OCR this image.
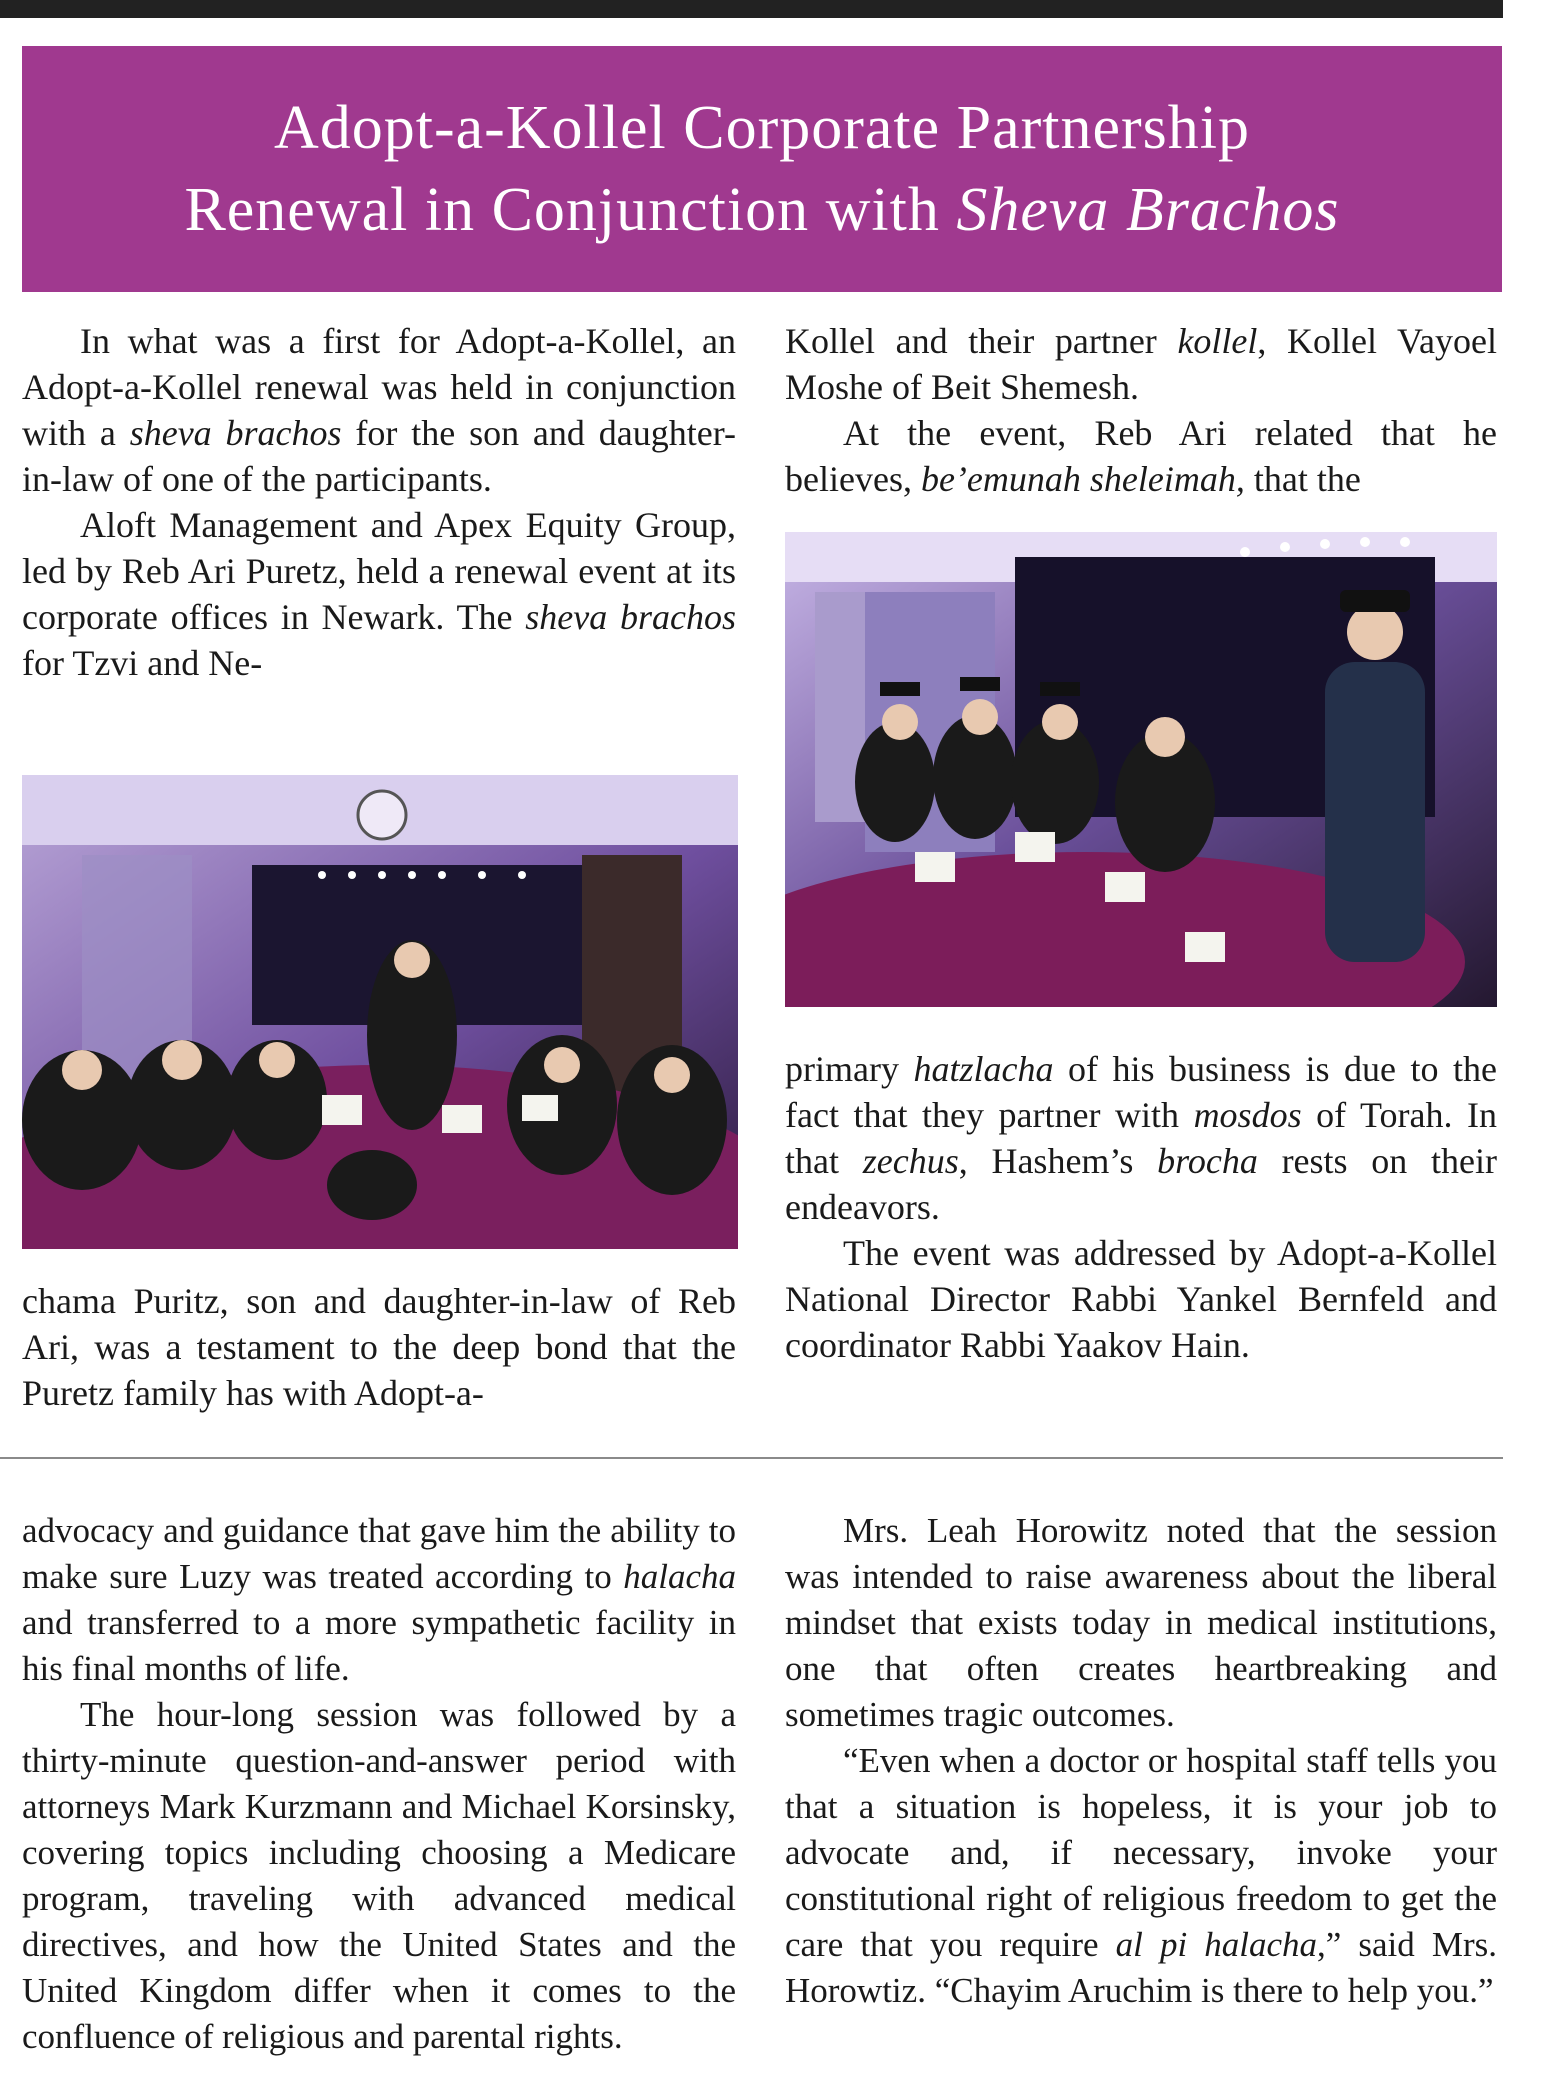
Adopt-a-Kollel Corporate Partnership
Renewal in Conjunction with Sheva Brachos

In what was a first for Adopt-a-Kollel, an Adopt-a-Kollel renewal was held in conjunction with a sheva brachos for the son and daughter-in-law of one of the participants.

Aloft Management and Apex Equity Group, led by Reb Ari Puretz, held a renewal event at its corporate offices in Newark. The sheva brachos for Tzvi and Ne-

chama Puritz, son and daughter-in-law of Reb Ari, was a testament to the deep bond that the Puretz family has with Adopt-a-

Kollel and their partner kollel, Kollel Vayoel Moshe of Beit Shemesh.

At the event, Reb Ari related that he believes, be’emunah sheleimah, that the

primary hatzlacha of his business is due to the fact that they partner with mosdos of Torah. In that zechus, Hashem’s brocha rests on their endeavors.

The event was addressed by Adopt-a-Kollel National Director Rabbi Yankel Bernfeld and coordinator Rabbi Yaakov Hain.

advocacy and guidance that gave him the ability to make sure Luzy was treated according to halacha and transferred to a more sympathetic facility in his final months of life.

The hour-long session was followed by a thirty-minute question-and-answer period with attorneys Mark Kurzmann and Michael Korsinsky, covering topics including choosing a Medicare program, traveling with advanced medical directives, and how the United States and the United Kingdom differ when it comes to the confluence of religious and parental rights.

Mrs. Leah Horowitz noted that the session was intended to raise awareness about the liberal mindset that exists today in medical institutions, one that often creates heartbreaking and sometimes tragic outcomes.

“Even when a doctor or hospital staff tells you that a situation is hopeless, it is your job to advocate and, if necessary, invoke your constitutional right of religious freedom to get the care that you require al pi halacha,” said Mrs. Horowtiz. “Chayim Aruchim is there to help you.”
